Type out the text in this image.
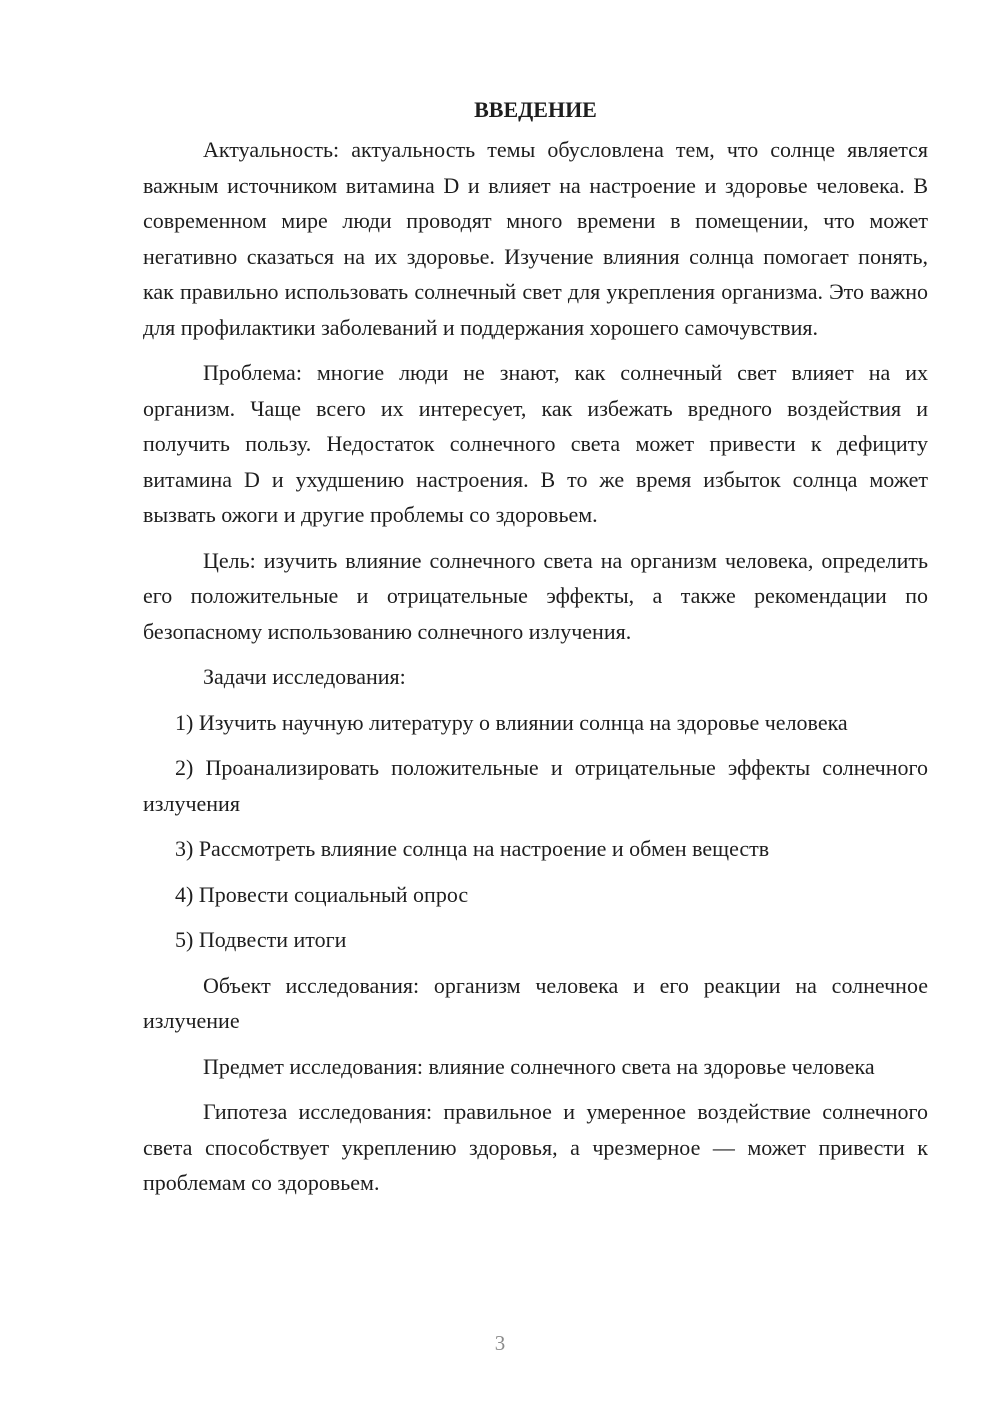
ВВЕДЕНИЕ

Актуальность: актуальность темы обусловлена тем, что солнце является важным источником витамина D и влияет на настроение и здоровье человека. В современном мире люди проводят много времени в помещении, что может негативно сказаться на их здоровье. Изучение влияния солнца помогает понять, как правильно использовать солнечный свет для укрепления организма. Это важно для профилактики заболеваний и поддержания хорошего самочувствия.

Проблема: многие люди не знают, как солнечный свет влияет на их организм. Чаще всего их интересует, как избежать вредного воздействия и получить пользу. Недостаток солнечного света может привести к дефициту витамина D и ухудшению настроения. В то же время избыток солнца может вызвать ожоги и другие проблемы со здоровьем.

Цель: изучить влияние солнечного света на организм человека, определить его положительные и отрицательные эффекты, а также рекомендации по безопасному использованию солнечного излучения.

Задачи исследования:

1) Изучить научную литературу о влиянии солнца на здоровье человека
2) Проанализировать положительные и отрицательные эффекты солнечного излучения
3) Рассмотреть влияние солнца на настроение и обмен веществ
4) Провести социальный опрос
5) Подвести итоги

Объект исследования: организм человека и его реакции на солнечное излучение

Предмет исследования: влияние солнечного света на здоровье человека

Гипотеза исследования: правильное и умеренное воздействие солнечного света способствует укреплению здоровья, а чрезмерное — может привести к проблемам со здоровьем.

3
